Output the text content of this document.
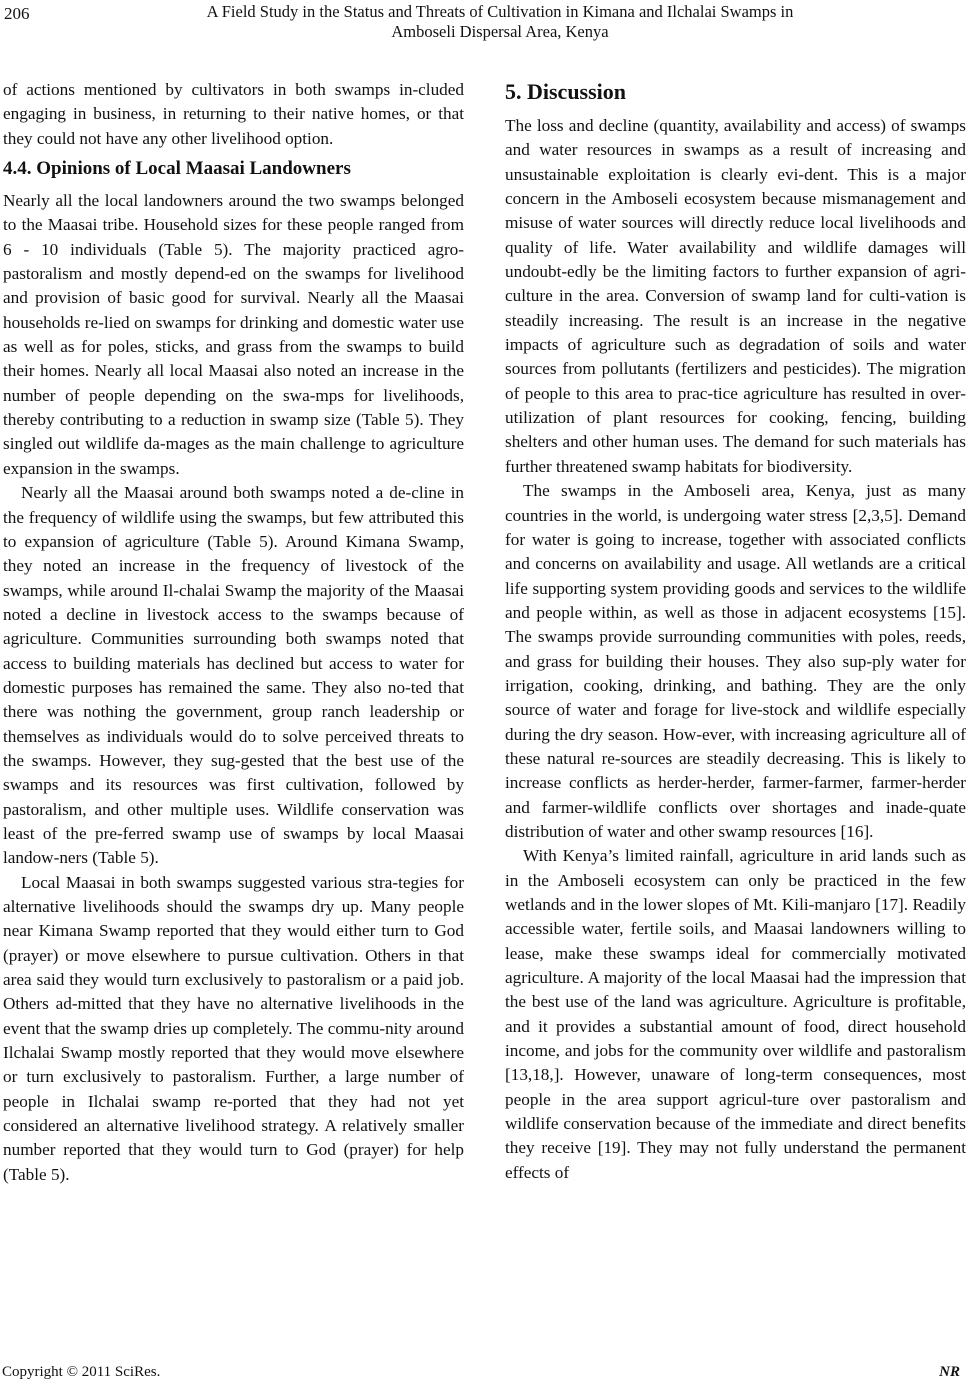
206	A Field Study in the Status and Threats of Cultivation in Kimana and Ilchalai Swamps in
Amboseli Dispersal Area, Kenya

of actions mentioned by cultivators in both swamps in-cluded engaging in business, in returning to their native homes, or that they could not have any other livelihood option.

4.4. Opinions of Local Maasai Landowners

Nearly all the local landowners around the two swamps belonged to the Maasai tribe. Household sizes for these people ranged from 6 - 10 individuals (Table 5). The majority practiced agro-pastoralism and mostly depend-ed on the swamps for livelihood and provision of basic good for survival. Nearly all the Maasai households re-lied on swamps for drinking and domestic water use as well as for poles, sticks, and grass from the swamps to build their homes. Nearly all local Maasai also noted an increase in the number of people depending on the swa-mps for livelihoods, thereby contributing to a reduction in swamp size (Table 5). They singled out wildlife da-mages as the main challenge to agriculture expansion in the swamps.

Nearly all the Maasai around both swamps noted a de-cline in the frequency of wildlife using the swamps, but few attributed this to expansion of agriculture (Table 5). Around Kimana Swamp, they noted an increase in the frequency of livestock of the swamps, while around Il-chalai Swamp the majority of the Maasai noted a decline in livestock access to the swamps because of agriculture. Communities surrounding both swamps noted that access to building materials has declined but access to water for domestic purposes has remained the same. They also no-ted that there was nothing the government, group ranch leadership or themselves as individuals would do to solve perceived threats to the swamps. However, they sug-gested that the best use of the swamps and its resources was first cultivation, followed by pastoralism, and other multiple uses. Wildlife conservation was least of the pre-ferred swamp use of swamps by local Maasai landow-ners (Table 5).

Local Maasai in both swamps suggested various stra-tegies for alternative livelihoods should the swamps dry up. Many people near Kimana Swamp reported that they would either turn to God (prayer) or move elsewhere to pursue cultivation. Others in that area said they would turn exclusively to pastoralism or a paid job. Others ad-mitted that they have no alternative livelihoods in the event that the swamp dries up completely. The commu-nity around Ilchalai Swamp mostly reported that they would move elsewhere or turn exclusively to pastoralism. Further, a large number of people in Ilchalai swamp re-ported that they had not yet considered an alternative livelihood strategy. A relatively smaller number reported that they would turn to God (prayer) for help (Table 5).

5. Discussion

The loss and decline (quantity, availability and access) of swamps and water resources in swamps as a result of increasing and unsustainable exploitation is clearly evi-dent. This is a major concern in the Amboseli ecosystem because mismanagement and misuse of water sources will directly reduce local livelihoods and quality of life. Water availability and wildlife damages will undoubt-edly be the limiting factors to further expansion of agri-culture in the area. Conversion of swamp land for culti-vation is steadily increasing. The result is an increase in the negative impacts of agriculture such as degradation of soils and water sources from pollutants (fertilizers and pesticides). The migration of people to this area to prac-tice agriculture has resulted in over-utilization of plant resources for cooking, fencing, building shelters and other human uses. The demand for such materials has further threatened swamp habitats for biodiversity.

The swamps in the Amboseli area, Kenya, just as many countries in the world, is undergoing water stress [2,3,5]. Demand for water is going to increase, together with associated conflicts and concerns on availability and usage. All wetlands are a critical life supporting system providing goods and services to the wildlife and people within, as well as those in adjacent ecosystems [15]. The swamps provide surrounding communities with poles, reeds, and grass for building their houses. They also sup-ply water for irrigation, cooking, drinking, and bathing. They are the only source of water and forage for live-stock and wildlife especially during the dry season. How-ever, with increasing agriculture all of these natural re-sources are steadily decreasing. This is likely to increase conflicts as herder-herder, farmer-farmer, farmer-herder and farmer-wildlife conflicts over shortages and inade-quate distribution of water and other swamp resources [16].

With Kenya’s limited rainfall, agriculture in arid lands such as in the Amboseli ecosystem can only be practiced in the few wetlands and in the lower slopes of Mt. Kili-manjaro [17]. Readily accessible water, fertile soils, and Maasai landowners willing to lease, make these swamps ideal for commercially motivated agriculture. A majority of the local Maasai had the impression that the best use of the land was agriculture. Agriculture is profitable, and it provides a substantial amount of food, direct household income, and jobs for the community over wildlife and pastoralism [13,18,]. However, unaware of long-term consequences, most people in the area support agricul-ture over pastoralism and wildlife conservation because of the immediate and direct benefits they receive [19]. They may not fully understand the permanent effects of

Copyright © 2011 SciRes.	NR
